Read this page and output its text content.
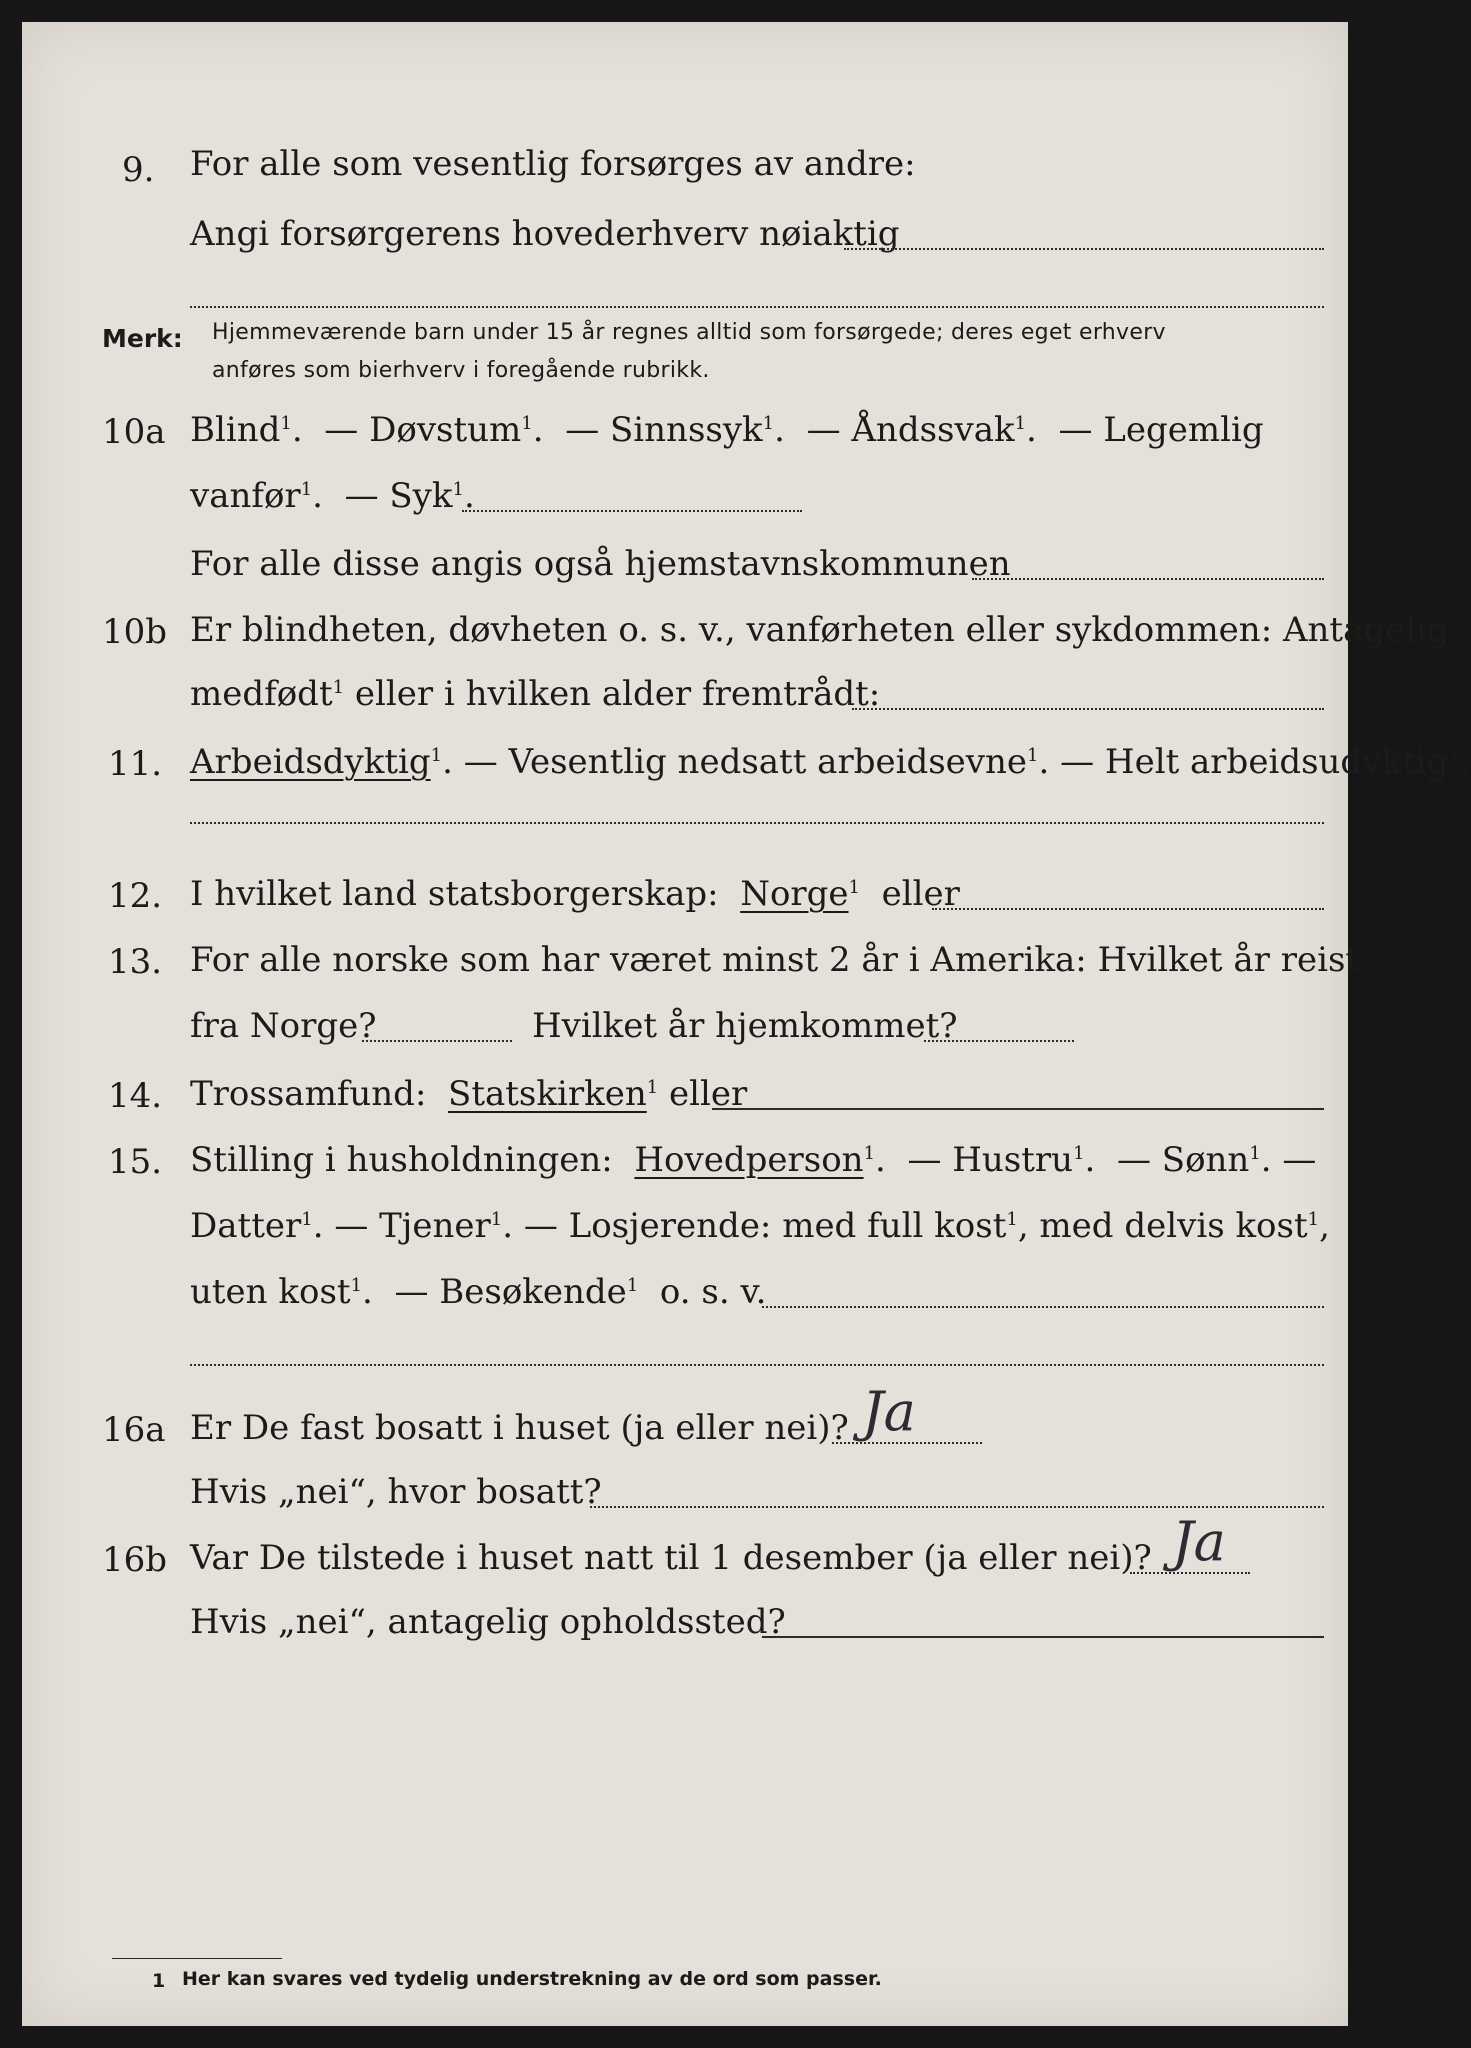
9. For alle som vesentlig forsørges av andre:
Angi forsørgerens hovederhverv nøiaktig
Merk: Hjemmeværende barn under 15 år regnes alltid som forsørgede; deres eget erhverv
anføres som bierhverv i foregående rubrikk.
10a Blind$^1$.  — Døvstum$^1$.  — Sinnssyk$^1$.  — Åndssvak$^1$.  — Legemlig
vanfør$^1$.  — Syk$^1$.
For alle disse angis også hjemstavnskommunen
10b Er blindheten, døvheten o. s. v., vanførheten eller sykdommen: Antagelig
medfødt$^1$ eller i hvilken alder fremtrådt:
11. Arbeidsdyktig$^1$. — Vesentlig nedsatt arbeidsevne$^1$. — Helt arbeidsudyktig$^1$.
12. I hvilket land statsborgerskap: Norge$^1$ eller
13. For alle norske som har været minst 2 år i Amerika: Hvilket år reist
fra Norge?	Hvilket år hjemkommet?
14. Trossamfund: Statskirken$^1$ eller
15. Stilling i husholdningen: Hovedperson$^1$.  — Hustru$^1$.  — Sønn$^1$. —
Datter$^1$. — Tjener$^1$. — Losjerende: med full kost$^1$, med delvis kost$^1$,
uten kost$^1$.  — Besøkende$^1$ o. s. v.
16a Er De fast bosatt i huset (ja eller nei)? Ja
Hvis „nei“, hvor bosatt?
16b Var De tilstede i huset natt til 1 desember (ja eller nei)? Ja
Hvis „nei“, antagelig opholdssted?
1 Her kan svares ved tydelig understrekning av de ord som passer.
